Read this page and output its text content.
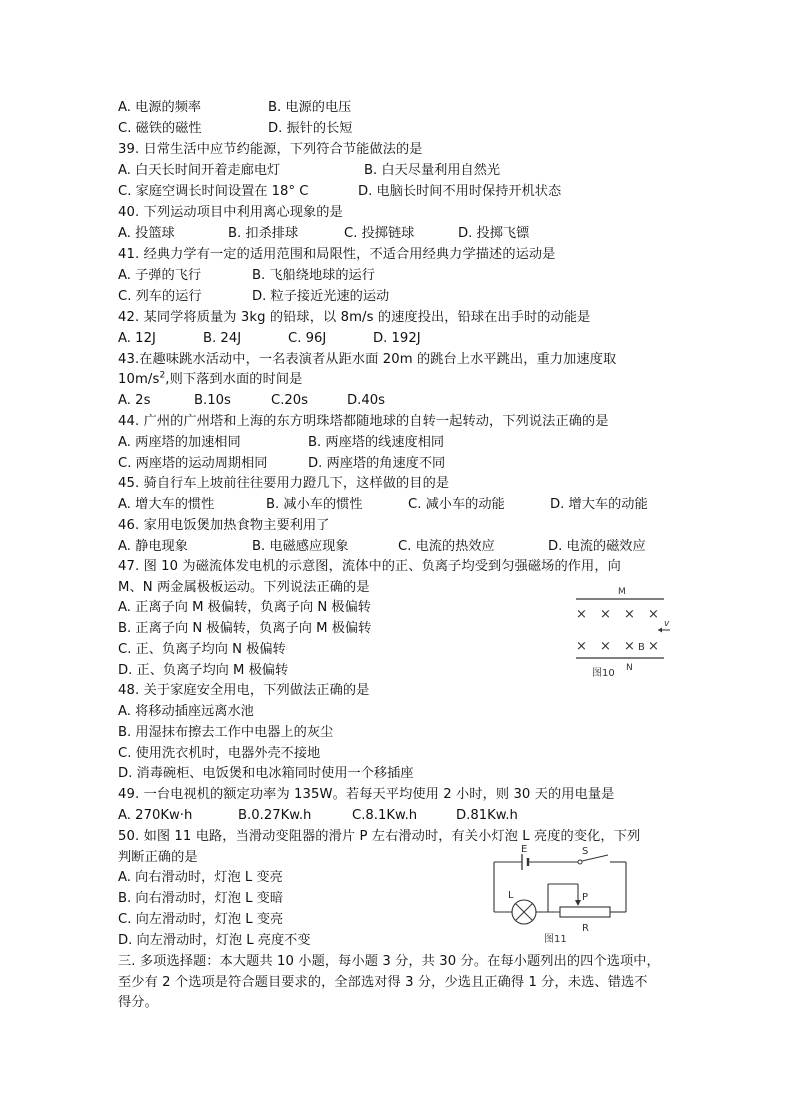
A. 电源的频率	B. 电源的电压
C. 磁铁的磁性	D. 振针的长短
39. 日常生活中应节约能源，下列符合节能做法的是
A. 白天长时间开着走廊电灯	B. 白天尽量利用自然光
C. 家庭空调长时间设置在 18° C	D. 电脑长时间不用时保持开机状态
40. 下列运动项目中利用离心现象的是
A. 投篮球	B. 扣杀排球	C. 投掷链球	D. 投掷飞镖
41. 经典力学有一定的适用范围和局限性，不适合用经典力学描述的运动是
A. 子弹的飞行	B. 飞船绕地球的运行
C. 列车的运行	D. 粒子接近光速的运动
42. 某同学将质量为 3kg 的铅球，以 8m/s 的速度投出，铅球在出手时的动能是
A. 12J	B. 24J	C. 96J	D. 192J
43.在趣味跳水活动中，一名表演者从距水面 20m 的跳台上水平跳出，重力加速度取
$10m/s^2$,则下落到水面的时间是
A. 2s	B.10s	C.20s	D.40s
44. 广州的广州塔和上海的东方明珠塔都随地球的自转一起转动，下列说法正确的是
A. 两座塔的加速相同	B. 两座塔的线速度相同
C. 两座塔的运动周期相同	D. 两座塔的角速度不同
45. 骑自行车上坡前往往要用力蹬几下，这样做的目的是
A. 增大车的惯性	B. 减小车的惯性	C. 减小车的动能	D. 增大车的动能
46. 家用电饭煲加热食物主要利用了
A. 静电现象	B. 电磁感应现象	C. 电流的热效应	D. 电流的磁效应
47. 图 10 为磁流体发电机的示意图，流体中的正、负离子均受到匀强磁场的作用，向
M、N 两金属极板运动。下列说法正确的是
A. 正离子向 M 极偏转，负离子向 N 极偏转
B. 正离子向 N 极偏转，负离子向 M 极偏转
C. 正、负离子均向 N 极偏转
D. 正、负离子均向 M 极偏转
M
× × × ×
v
× × × B ×
图10 N
48. 关于家庭安全用电，下列做法正确的是
A. 将移动插座远离水池
B. 用湿抹布擦去工作中电器上的灰尘
C. 使用洗衣机时，电器外壳不接地
D. 消毒碗柜、电饭煲和电冰箱同时使用一个移插座
49. 一台电视机的额定功率为 135W。若每天平均使用 2 小时，则 30 天的用电量是
A. 270Kw·h	B.0.27Kw.h	C.8.1Kw.h	D.81Kw.h
50. 如图 11 电路，当滑动变阻器的滑片 P 左右滑动时，有关小灯泡 L 亮度的变化，下列
判断正确的是
A. 向右滑动时，灯泡 L 变亮
B. 向右滑动时，灯泡 L 变暗
C. 向左滑动时，灯泡 L 变亮
D. 向左滑动时，灯泡 L 亮度不变
E	S
L
R
P
图11
三. 多项选择题：本大题共 10 小题，每小题 3 分，共 30 分。在每小题列出的四个选项中，
至少有 2 个选项是符合题目要求的，全部选对得 3 分，少选且正确得 1 分，未选、错选不
得分。
